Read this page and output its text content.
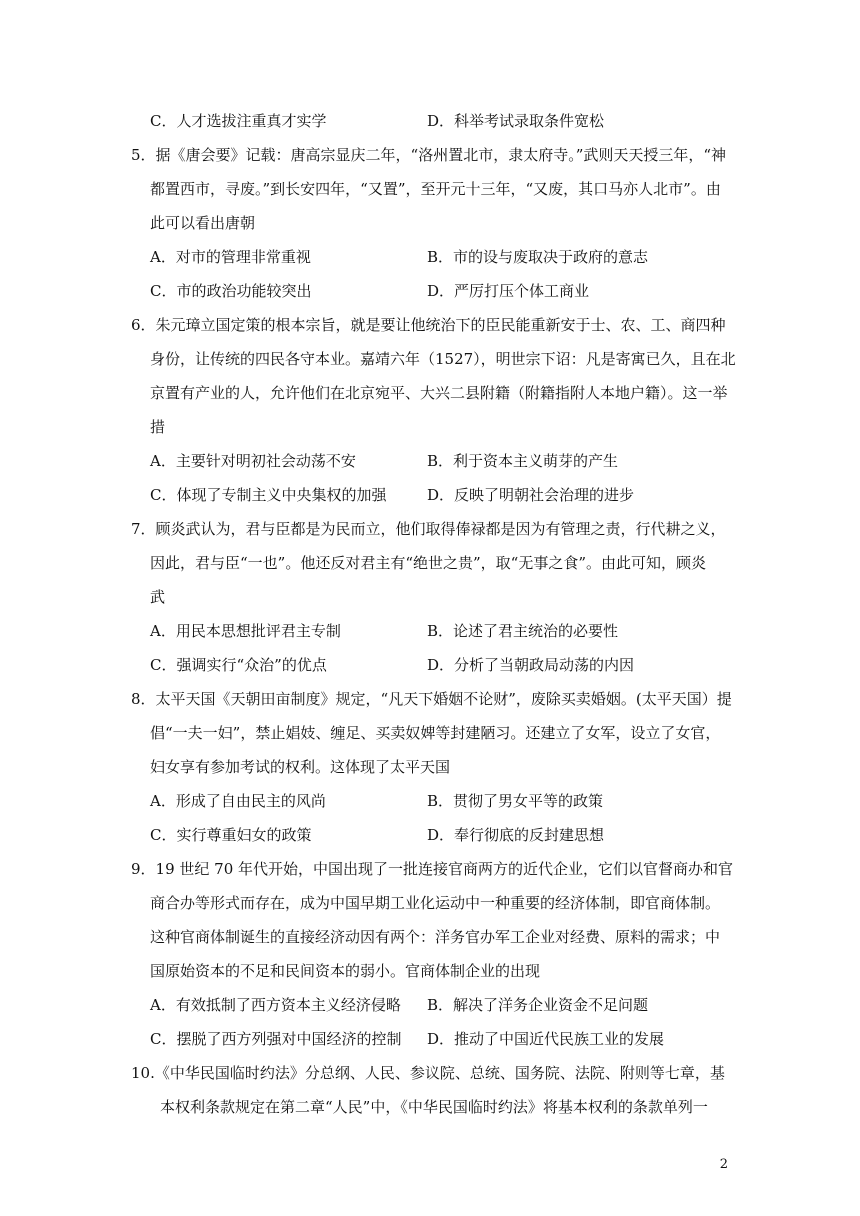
C．人才选拔注重真才实学	D．科举考试录取条件宽松
5．据《唐会要》记载：唐高宗显庆二年，“洛州置北市，隶太府寺。”武则天天授三年，“神
都置西市，寻废。”到长安四年，“又置”，至开元十三年，“又废，其口马亦人北市”。由
此可以看出唐朝
A．对市的管理非常重视	B．市的设与废取决于政府的意志
C．市的政治功能较突出	D．严厉打压个体工商业
6．朱元璋立国定策的根本宗旨，就是要让他统治下的臣民能重新安于士、农、工、商四种
身份，让传统的四民各守本业。嘉靖六年（1527），明世宗下诏：凡是寄寓已久，且在北
京置有产业的人，允许他们在北京宛平、大兴二县附籍（附籍指附人本地户籍）。这一举
措
A．主要针对明初社会动荡不安	B．利于资本主义萌芽的产生
C．体现了专制主义中央集权的加强	D．反映了明朝社会治理的进步
7．顾炎武认为，君与臣都是为民而立，他们取得俸禄都是因为有管理之责，行代耕之义，
因此，君与臣“一也”。他还反对君主有“绝世之贵”，取“无事之食”。由此可知，顾炎
武
A．用民本思想批评君主专制	B．论述了君主统治的必要性
C．强调实行“众治”的优点	D．分析了当朝政局动荡的内因
8．太平天国《天朝田亩制度》规定，“凡天下婚姻不论财”，废除买卖婚姻。(太平天国）提
倡“一夫一妇”，禁止娼妓、缠足、买卖奴婢等封建陋习。还建立了女军，设立了女官，
妇女享有参加考试的权利。这体现了太平天国
A．形成了自由民主的风尚	B．贯彻了男女平等的政策
C．实行尊重妇女的政策	D．奉行彻底的反封建思想
9．19 世纪 70 年代开始，中国出现了一批连接官商两方的近代企业，它们以官督商办和官
商合办等形式而存在，成为中国早期工业化运动中一种重要的经济体制，即官商体制。
这种官商体制诞生的直接经济动因有两个：洋务官办军工企业对经费、原料的需求；中
国原始资本的不足和民间资本的弱小。官商体制企业的出现
A．有效抵制了西方资本主义经济侵略 B．解决了洋务企业资金不足问题
C．摆脱了西方列强对中国经济的控制 D．推动了中国近代民族工业的发展
10.《中华民国临时约法》分总纲、人民、参议院、总统、国务院、法院、附则等七章，基
本权利条款规定在第二章“人民”中，《中华民国临时约法》将基本权利的条款单列一
2
